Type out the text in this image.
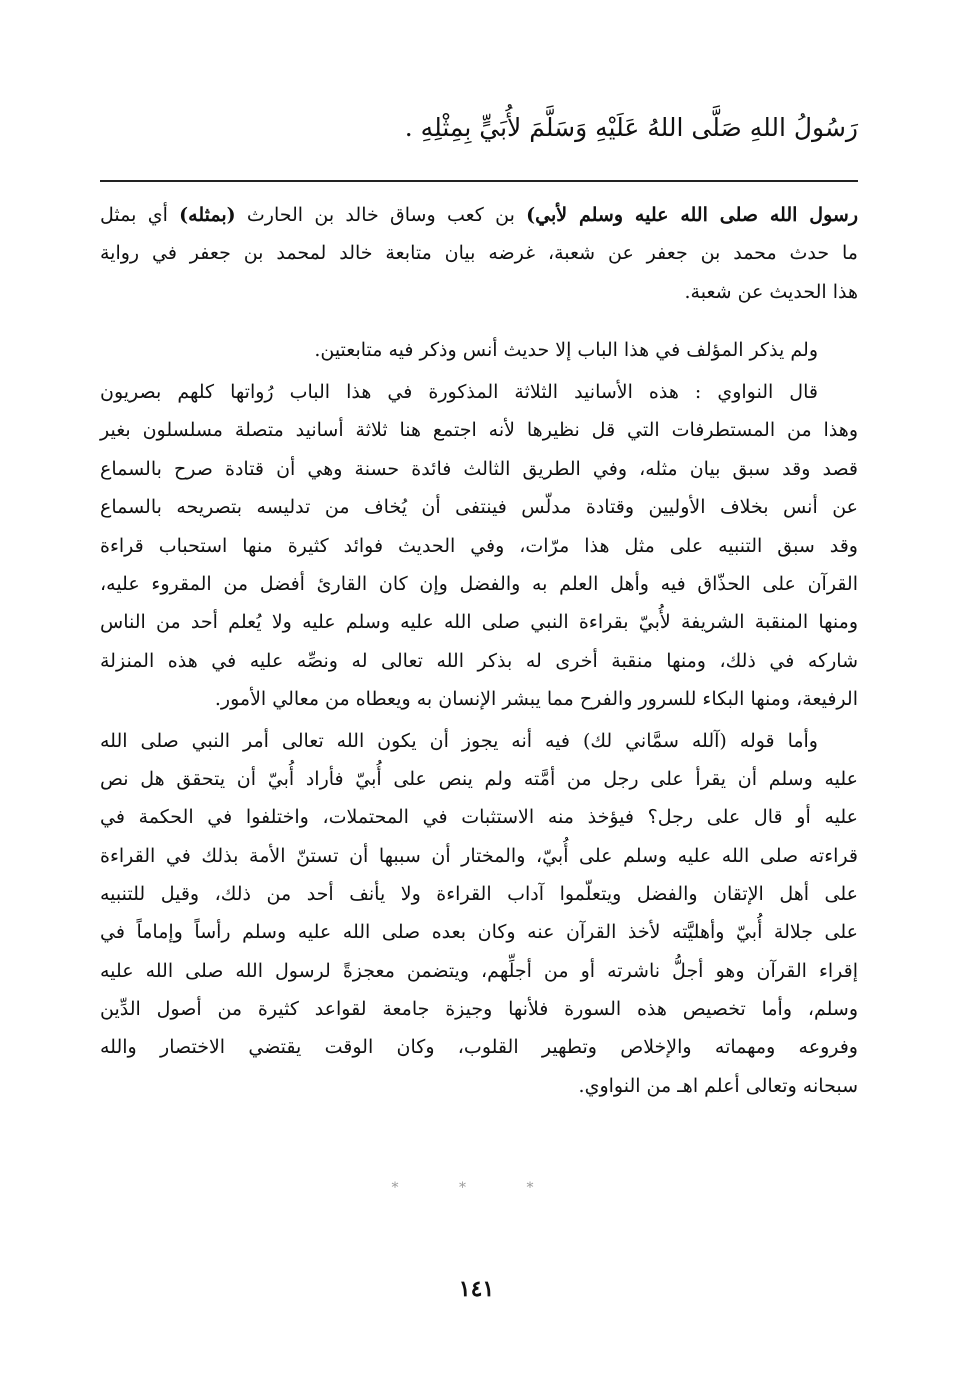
رَسُولُ اللهِ صَلَّى اللهُ عَلَيْهِ وَسَلَّمَ لأُبَيٍّ بِمِثْلِهِ .
رسول الله صلى الله عليه وسلم لأبي) بن كعب وساق خالد بن الحارث (بمثله) أي بمثل
ما حدث محمد بن جعفر عن شعبة، غرضه بيان متابعة خالد لمحمد بن جعفر في رواية
هذا الحديث عن شعبة.
ولم يذكر المؤلف في هذا الباب إلا حديث أنس وذكر فيه متابعتين.
قال النواوي : هذه الأسانيد الثلاثة المذكورة في هذا الباب رُواتها كلهم بصريون
وهذا من المستطرفات التي قل نظيرها لأنه اجتمع هنا ثلاثة أسانيد متصلة مسلسلون بغير
قصد وقد سبق بيان مثله، وفي الطريق الثالث فائدة حسنة وهي أن قتادة صرح بالسماع
عن أنس بخلاف الأوليين وقتادة مدلّس فينتفى أن يُخاف من تدليسه بتصريحه بالسماع
وقد سبق التنبيه على مثل هذا مرّات، وفي الحديث فوائد كثيرة منها استحباب قراءة
القرآن على الحذّاق فيه وأهل العلم به والفضل وإن كان القارئ أفضل من المقروء عليه،
ومنها المنقبة الشريفة لأُبيّ بقراءة النبي صلى الله عليه وسلم عليه ولا يُعلم أحد من الناس
شاركه في ذلك، ومنها منقبة أخرى له بذكر الله تعالى له ونصِّه عليه في هذه المنزلة
الرفيعة، ومنها البكاء للسرور والفرح مما يبشر الإنسان به ويعطاه من معالي الأمور.
وأما قوله (آلله سمَّاني لك) فيه أنه يجوز أن يكون الله تعالى أمر النبي صلى الله
عليه وسلم أن يقرأ على رجل من أمَّته ولم ينص على أُبيّ فأراد أُبيّ أن يتحقق هل نص
عليه أو قال على رجل؟ فيؤخذ منه الاستثبات في المحتملات، واختلفوا في الحكمة في
قراءته صلى الله عليه وسلم على أُبيّ، والمختار أن سببها أن تستنّ الأمة بذلك في القراءة
على أهل الإتقان والفضل ويتعلّموا آداب القراءة ولا يأنف أحد من ذلك، وقيل للتنبيه
على جلالة أُبيّ وأهليَّته لأخذ القرآن عنه وكان بعده صلى الله عليه وسلم رأساً وإماماً في
إقراء القرآن وهو أجلُّ ناشرته أو من أجلِّهم، ويتضمن معجزةً لرسول الله صلى الله عليه
وسلم، وأما تخصيص هذه السورة فلأنها وجيزة جامعة لقواعد كثيرة من أصول الدِّين
وفروعه ومهماته والإخلاص وتطهير القلوب، وكان الوقت يقتضي الاختصار والله
سبحانه وتعالى أعلم اهـ من النواوي.
* * *
١٤١
